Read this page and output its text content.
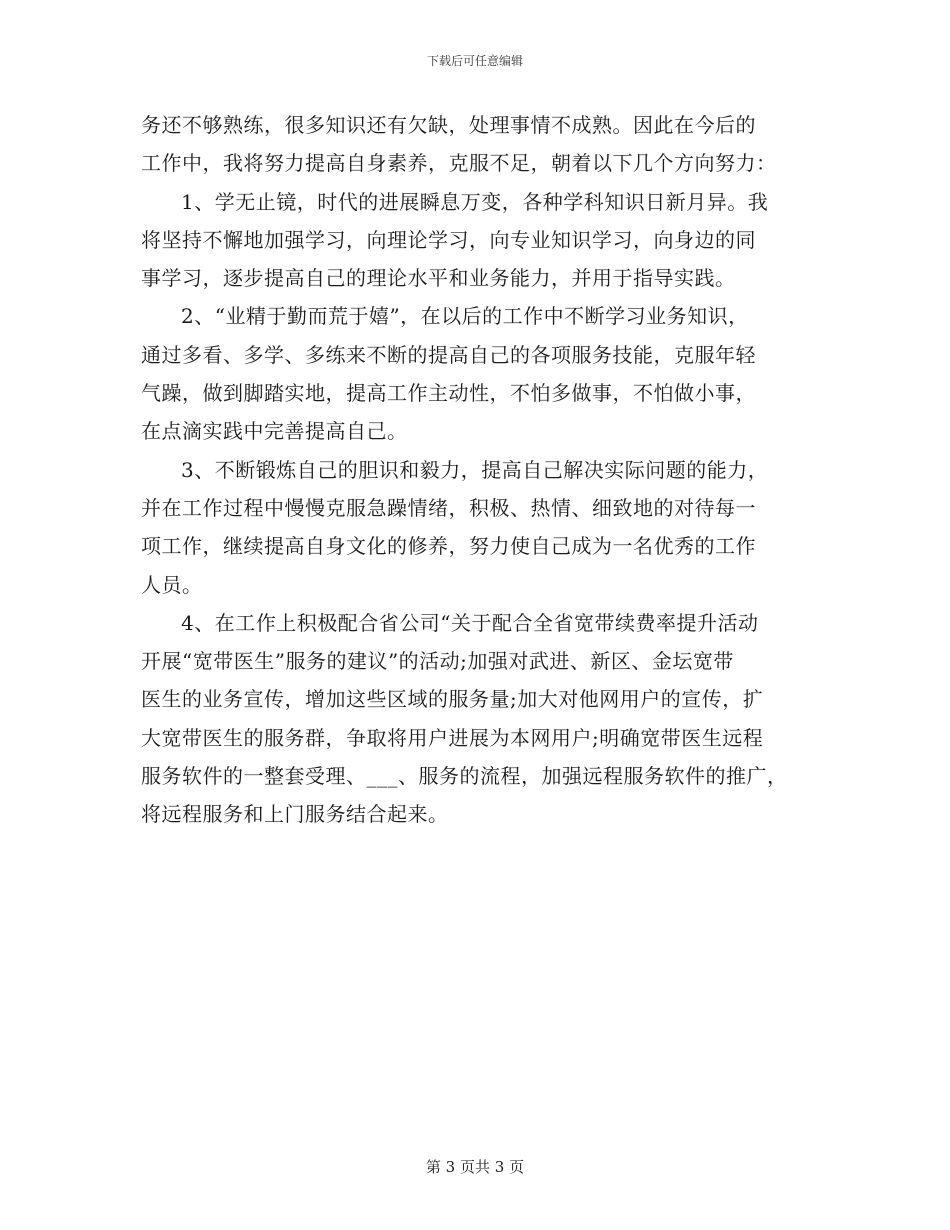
下载后可任意编辑
务还不够熟练，很多知识还有欠缺，处理事情不成熟。因此在今后的
工作中，我将努力提高自身素养，克服不足，朝着以下几个方向努力：
1、学无止镜，时代的进展瞬息万变，各种学科知识日新月异。我
将坚持不懈地加强学习，向理论学习，向专业知识学习，向身边的同
事学习，逐步提高自己的理论水平和业务能力，并用于指导实践。
2、“业精于勤而荒于嬉”，在以后的工作中不断学习业务知识，
通过多看、多学、多练来不断的提高自己的各项服务技能，克服年轻
气躁，做到脚踏实地，提高工作主动性，不怕多做事，不怕做小事，
在点滴实践中完善提高自己。
3、不断锻炼自己的胆识和毅力，提高自己解决实际问题的能力，
并在工作过程中慢慢克服急躁情绪，积极、热情、细致地的对待每一
项工作，继续提高自身文化的修养，努力使自己成为一名优秀的工作
人员。
4、在工作上积极配合省公司“关于配合全省宽带续费率提升活动
开展“宽带医生”服务的建议”的活动;加强对武进、新区、金坛宽带
医生的业务宣传，增加这些区域的服务量;加大对他网用户的宣传，扩
大宽带医生的服务群，争取将用户进展为本网用户;明确宽带医生远程
服务软件的一整套受理、___、服务的流程，加强远程服务软件的推广，
将远程服务和上门服务结合起来。
第 3 页共 3 页
